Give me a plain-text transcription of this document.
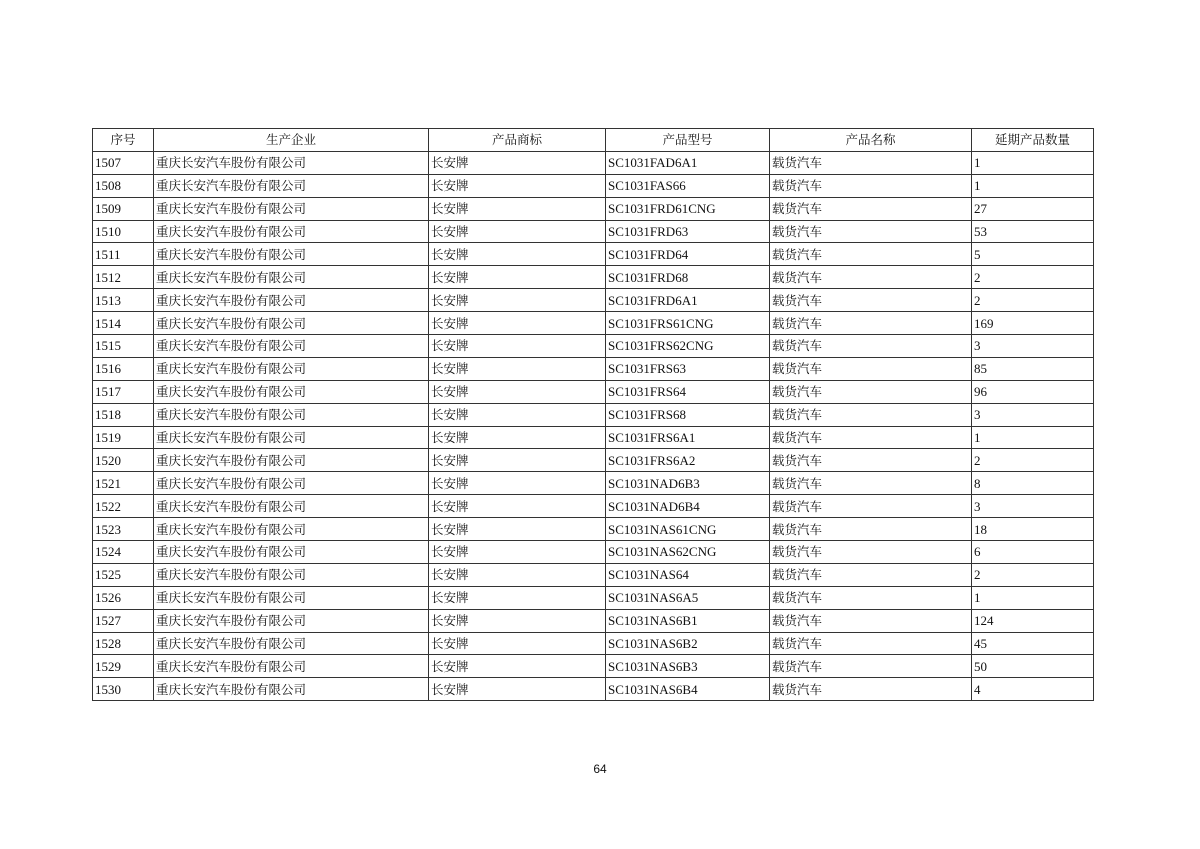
序号	生产企业	产品商标	产品型号	产品名称	延期产品数量
1507	重庆长安汽车股份有限公司	长安牌	SC1031FAD6A1	载货汽车	1
1508	重庆长安汽车股份有限公司	长安牌	SC1031FAS66	载货汽车	1
1509	重庆长安汽车股份有限公司	长安牌	SC1031FRD61CNG	载货汽车	27
1510	重庆长安汽车股份有限公司	长安牌	SC1031FRD63	载货汽车	53
1511	重庆长安汽车股份有限公司	长安牌	SC1031FRD64	载货汽车	5
1512	重庆长安汽车股份有限公司	长安牌	SC1031FRD68	载货汽车	2
1513	重庆长安汽车股份有限公司	长安牌	SC1031FRD6A1	载货汽车	2
1514	重庆长安汽车股份有限公司	长安牌	SC1031FRS61CNG	载货汽车	169
1515	重庆长安汽车股份有限公司	长安牌	SC1031FRS62CNG	载货汽车	3
1516	重庆长安汽车股份有限公司	长安牌	SC1031FRS63	载货汽车	85
1517	重庆长安汽车股份有限公司	长安牌	SC1031FRS64	载货汽车	96
1518	重庆长安汽车股份有限公司	长安牌	SC1031FRS68	载货汽车	3
1519	重庆长安汽车股份有限公司	长安牌	SC1031FRS6A1	载货汽车	1
1520	重庆长安汽车股份有限公司	长安牌	SC1031FRS6A2	载货汽车	2
1521	重庆长安汽车股份有限公司	长安牌	SC1031NAD6B3	载货汽车	8
1522	重庆长安汽车股份有限公司	长安牌	SC1031NAD6B4	载货汽车	3
1523	重庆长安汽车股份有限公司	长安牌	SC1031NAS61CNG	载货汽车	18
1524	重庆长安汽车股份有限公司	长安牌	SC1031NAS62CNG	载货汽车	6
1525	重庆长安汽车股份有限公司	长安牌	SC1031NAS64	载货汽车	2
1526	重庆长安汽车股份有限公司	长安牌	SC1031NAS6A5	载货汽车	1
1527	重庆长安汽车股份有限公司	长安牌	SC1031NAS6B1	载货汽车	124
1528	重庆长安汽车股份有限公司	长安牌	SC1031NAS6B2	载货汽车	45
1529	重庆长安汽车股份有限公司	长安牌	SC1031NAS6B3	载货汽车	50
1530	重庆长安汽车股份有限公司	长安牌	SC1031NAS6B4	载货汽车	4
64
